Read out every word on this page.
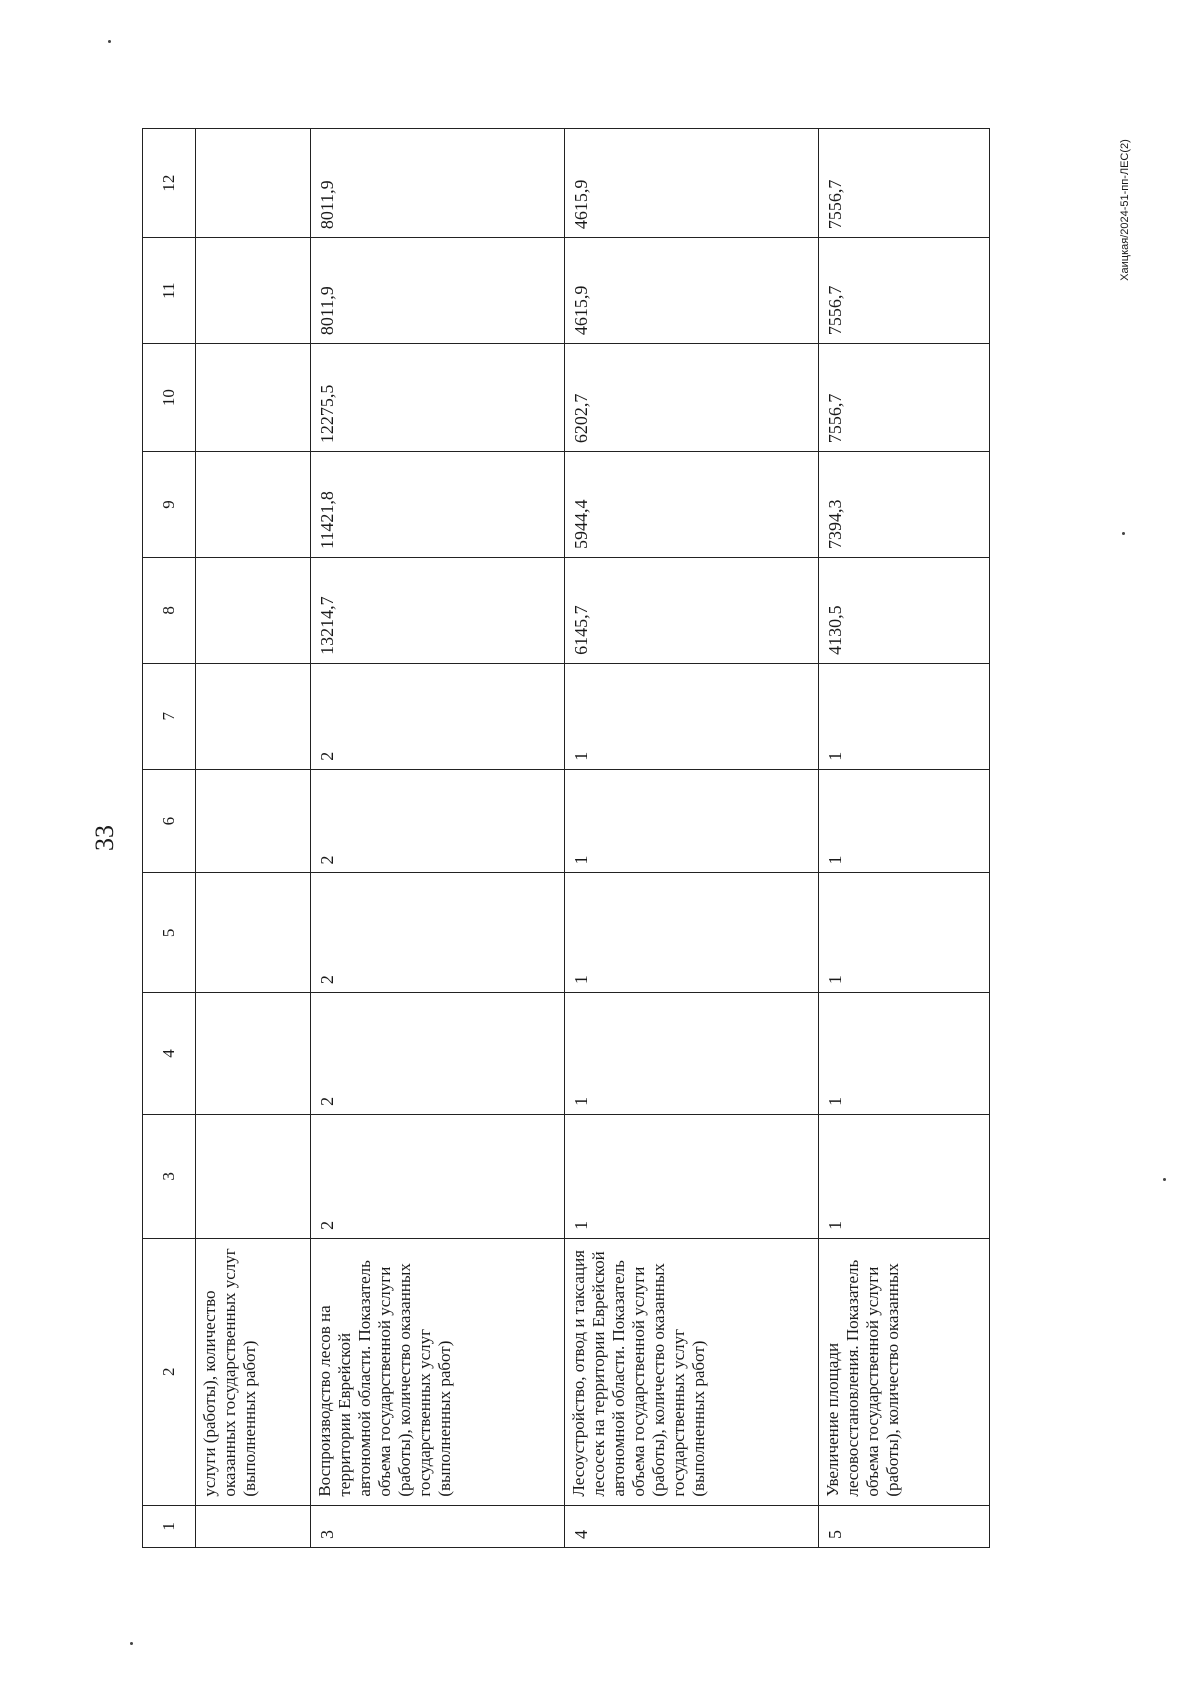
33
1	2	3	4	5	6	7	8	9	10	11	12
	услуги (работы), количество оказанных государственных услуг (выполненных работ)										
3	Воспроизводство лесов на территории Еврейской автономной области. Показатель объема государственной услуги (работы), количество оказанных государственных услуг (выполненных работ)	2	2	2	2	2	13214,7	11421,8	12275,5	8011,9	8011,9
4	Лесоустройство, отвод и таксация лесосек на территории Еврейской автономной области. Показатель объема государственной услуги (работы), количество оказанных государственных услуг (выполненных работ)	1	1	1	1	1	6145,7	5944,4	6202,7	4615,9	4615,9
5	Увеличение площади лесовосстановления. Показатель объема государственной услуги (работы), количество оказанных	1	1	1	1	1	4130,5	7394,3	7556,7	7556,7	7556,7	Хаицкая/2024-51-пп-ЛЕС(2)
